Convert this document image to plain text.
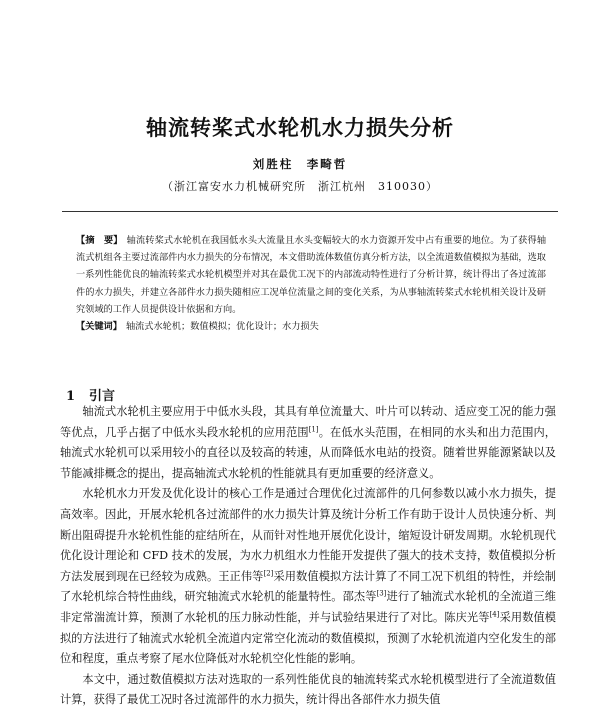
轴流转桨式水轮机水力损失分析
刘胜柱　李畸哲
（浙江富安水力机械研究所　浙江杭州　310030）
【摘　要】 轴流转桨式水轮机在我国低水头大流量且水头变幅较大的水力资源开发中占有重要的地位。为了获得轴流式机组各主要过流部件内水力损失的分布情况，本文借助流体数值仿真分析方法，以全流道数值模拟为基础，选取一系列性能优良的轴流转桨式水轮机模型并对其在最优工况下的内部流动特性进行了分析计算，统计得出了各过流部件的水力损失，并建立各部件水力损失随相应工况单位流量之间的变化关系，为从事轴流转桨式水轮机相关设计及研究领域的工作人员提供设计依据和方向。
【关键词】 轴流式水轮机；数值模拟；优化设计；水力损失
1 引言

轴流式水轮机主要应用于中低水头段，其具有单位流量大、叶片可以转动、适应变工况的能力强等优点，几乎占据了中低水头段水轮机的应用范围[1]。在低水头范围，在相同的水头和出力范围内，轴流式水轮机可以采用较小的直径以及较高的转速，从而降低水电站的投资。随着世界能源紧缺以及节能减排概念的提出，提高轴流式水轮机的性能就具有更加重要的经济意义。

水轮机水力开发及优化设计的核心工作是通过合理优化过流部件的几何参数以减小水力损失，提高效率。因此，开展水轮机各过流部件的水力损失计算及统计分析工作有助于设计人员快速分析、判断出阻碍提升水轮机性能的症结所在，从而针对性地开展优化设计，缩短设计研发周期。水轮机现代优化设计理论和 CFD 技术的发展，为水力机组水力性能开发提供了强大的技术支持，数值模拟分析方法发展到现在已经较为成熟。王正伟等[2]采用数值模拟方法计算了不同工况下机组的特性，并绘制了水轮机综合特性曲线，研究轴流式水轮机的能量特性。邵杰等[3]进行了轴流式水轮机的全流道三维非定常湍流计算，预测了水轮机的压力脉动性能，并与试验结果进行了对比。陈庆光等[4]采用数值模拟的方法进行了轴流式水轮机全流道内定常空化流动的数值模拟，预测了水轮机流道内空化发生的部位和程度，重点考察了尾水位降低对水轮机空化性能的影响。

本文中，通过数值模拟方法对选取的一系列性能优良的轴流转桨式水轮机模型进行了全流道数值计算，获得了最优工况时各过流部件的水力损失，统计得出各部件水力损失值
